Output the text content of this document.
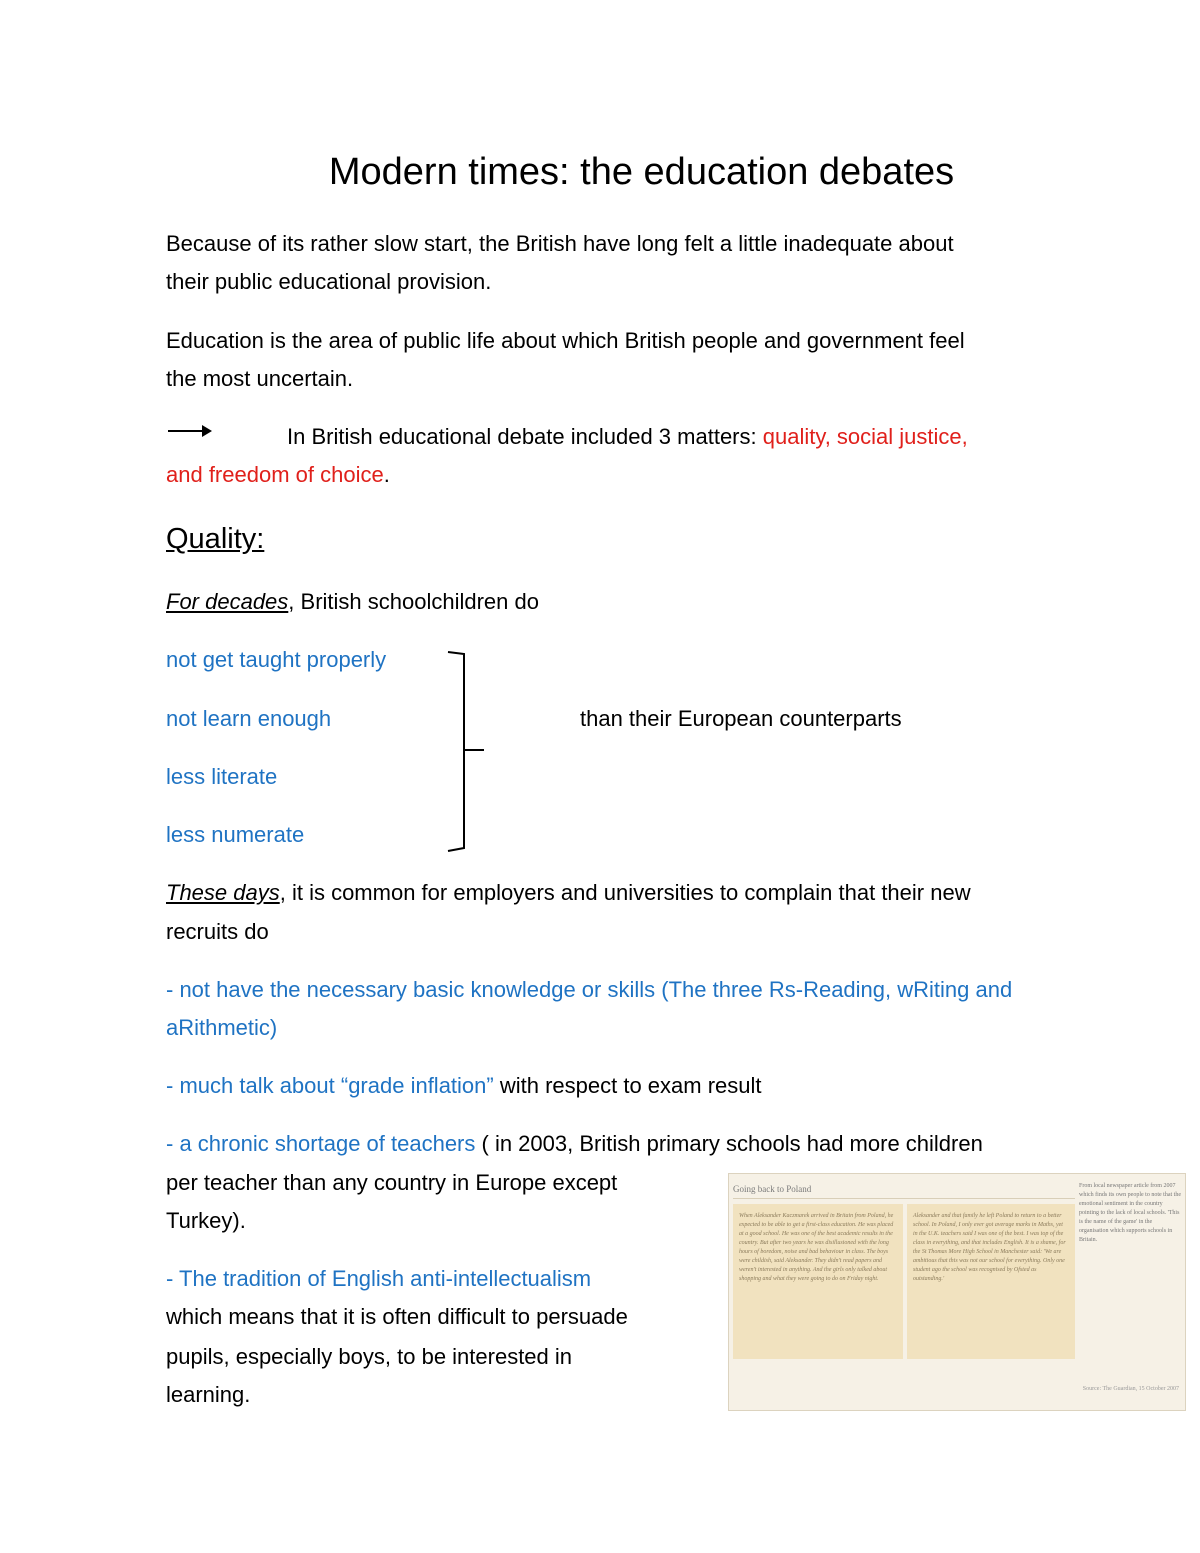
Modern times: the education debates
Because of its rather slow start, the British have long felt a little inadequate about
their public educational provision.
Education is the area of public life about which British people and government feel
the most uncertain.
In British educational debate included 3 matters: quality, social justice,
and freedom of choice.
Quality:
For decades, British schoolchildren do
not get taught properly
not learn enough
less literate
less numerate
than their European counterparts
These days, it is common for employers and universities to complain that their new
recruits do
- not have the necessary basic knowledge or skills (The three Rs-Reading, wRiting and
aRithmetic)
- much talk about “grade inflation” with respect to exam result
- a chronic shortage of teachers ( in 2003, British primary schools had more children
per teacher than any country in Europe except
Turkey).
- The tradition of English anti-intellectualism
which means that it is often difficult to persuade
pupils, especially boys, to be interested in
learning.
Going back to Poland
When Aleksander Kaczmarek arrived in Britain from Poland, he expected to be able to get a first-class education. He was placed at a good school. He was one of the best academic results in the country. But after two years he was disillusioned with the long hours of boredom, noise and bad behaviour in class. The boys were childish, said Aleksander. They didn't read papers and weren't interested in anything. And the girls only talked about shopping and what they were going to do on Friday night.
Aleksander and that family he left Poland to return to a better school. In Poland, I only ever got average marks in Maths, yet in the U.K. teachers said I was one of the best. I was top of the class in everything, and that includes English. It is a shame, for the St Thomas More High School in Manchester said: 'We are ambitious that this was not our school for everything. Only one student ago the school was recognised by Ofsted as outstanding.'
From local newspaper article from 2007 which finds its own people to note that the emotional sentiment in the country pointing to the lack of local schools. 'This is the name of the game' in the organisation which supports schools in Britain.
Source: The Guardian, 15 October 2007
